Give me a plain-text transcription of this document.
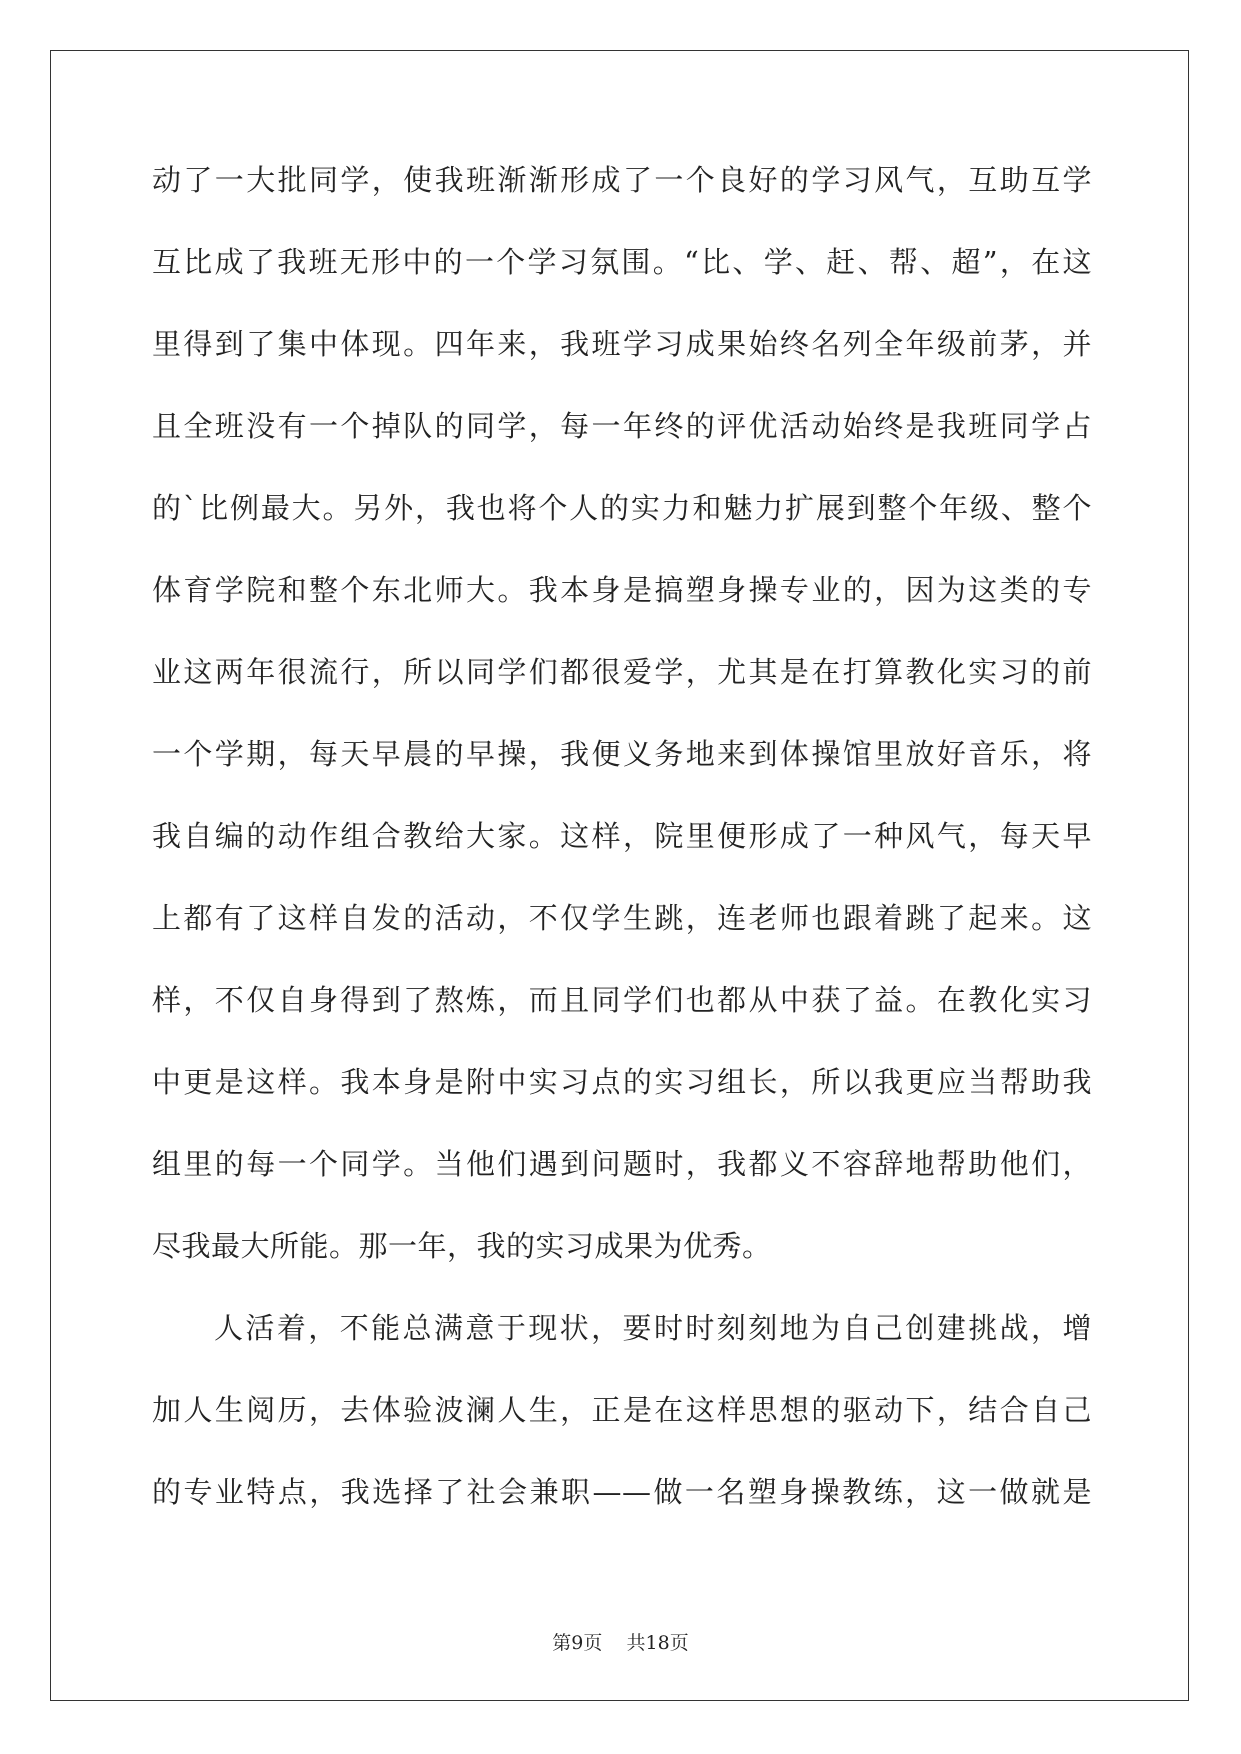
动了一大批同学，使我班渐渐形成了一个良好的学习风气，互助互学
互比成了我班无形中的一个学习氛围。“比、学、赶、帮、超”，在这
里得到了集中体现。四年来，我班学习成果始终名列全年级前茅，并
且全班没有一个掉队的同学，每一年终的评优活动始终是我班同学占
的`比例最大。另外，我也将个人的实力和魅力扩展到整个年级、整个
体育学院和整个东北师大。我本身是搞塑身操专业的，因为这类的专
业这两年很流行，所以同学们都很爱学，尤其是在打算教化实习的前
一个学期，每天早晨的早操，我便义务地来到体操馆里放好音乐，将
我自编的动作组合教给大家。这样，院里便形成了一种风气，每天早
上都有了这样自发的活动，不仅学生跳，连老师也跟着跳了起来。这
样，不仅自身得到了熬炼，而且同学们也都从中获了益。在教化实习
中更是这样。我本身是附中实习点的实习组长，所以我更应当帮助我
组里的每一个同学。当他们遇到问题时，我都义不容辞地帮助他们，
尽我最大所能。那一年，我的实习成果为优秀。
人活着，不能总满意于现状，要时时刻刻地为自己创建挑战，增
加人生阅历，去体验波澜人生，正是在这样思想的驱动下，结合自己
的专业特点，我选择了社会兼职——做一名塑身操教练，这一做就是
第9页 共18页
